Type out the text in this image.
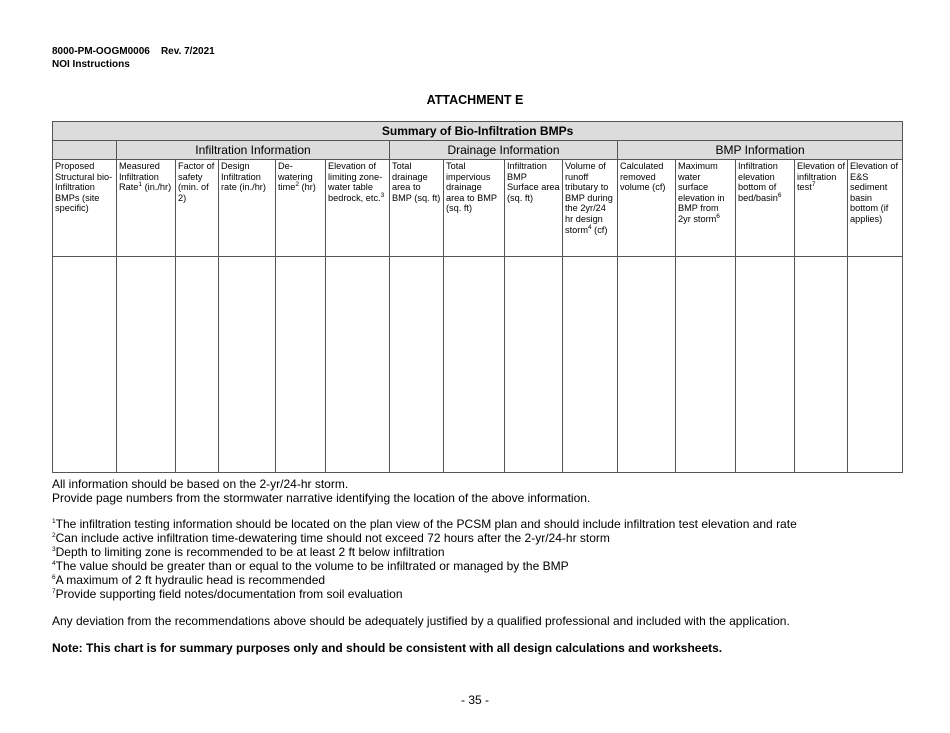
8000-PM-OOGM0006 Rev. 7/2021
NOI Instructions
ATTACHMENT E
Summary of Bio-Infiltration BMPs														
	Infiltration Information					Drainage Information				BMP Information				
Proposed Structural bio-Infiltration BMPs (site specific)	Measured Infiltration Rate$^1$ (in./hr)	Factor of safety (min. of 2)	Design Infiltration rate (in./hr)	De-watering time$^2$ (hr)	Elevation of limiting zone-water table bedrock, etc.$^3$	Total drainage area to BMP (sq. ft)	Total impervious drainage area to BMP (sq. ft)	Infiltration BMP Surface area (sq. ft)	Volume of runoff tributary to BMP during the 2yr/24 hr design storm$^4$ (cf)	Calculated removed volume (cf)	Maximum water surface elevation in BMP from 2yr storm$^6$	Infiltration elevation bottom of bed/basin$^6$	Elevation of infiltration test$^7$	Elevation of E&S sediment basin bottom (if applies)

All information should be based on the 2-yr/24-hr storm.
Provide page numbers from the stormwater narrative identifying the location of the above information.
$^1$The infiltration testing information should be located on the plan view of the PCSM plan and should include infiltration test elevation and rate
$^2$Can include active infiltration time-dewatering time should not exceed 72 hours after the 2-yr/24-hr storm
$^3$Depth to limiting zone is recommended to be at least 2 ft below infiltration
$^4$The value should be greater than or equal to the volume to be infiltrated or managed by the BMP
$^6$A maximum of 2 ft hydraulic head is recommended
$^7$Provide supporting field notes/documentation from soil evaluation
Any deviation from the recommendations above should be adequately justified by a qualified professional and included with the application.
Note: This chart is for summary purposes only and should be consistent with all design calculations and worksheets.
- 35 -
